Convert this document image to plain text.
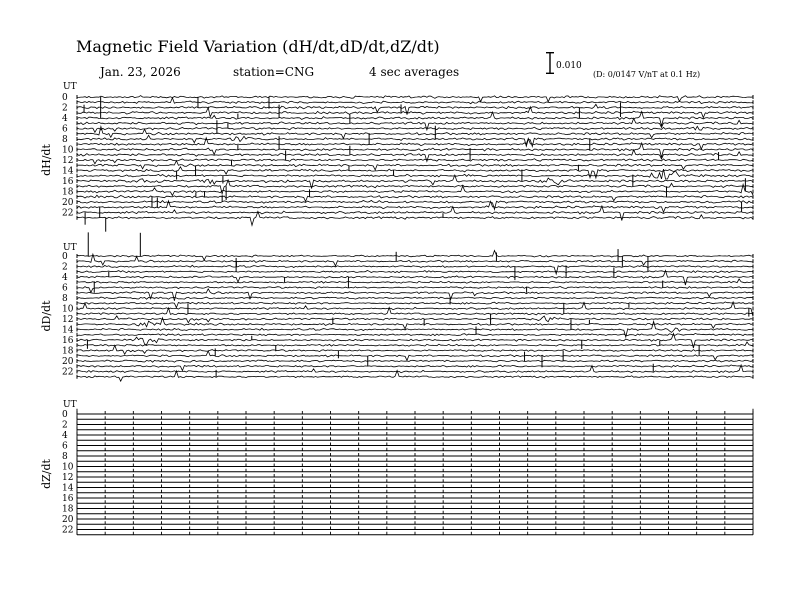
Magnetic Field Variation (dH/dt,dD/dt,dZ/dt)
Jan. 23, 2026	station=CNG	4 sec averages	0.010
(D: 0/0147 V/nT at 0.1 Hz)
UT
dH/dt
0
2
4
6
8
10
12
14
16
18
20
22
UT
dD/dt
0
2
4
6
8
10
12
14
16
18
20
22
UT
dZ/dt
0
2
4
6
8
10
12
14
16
18
20
22
